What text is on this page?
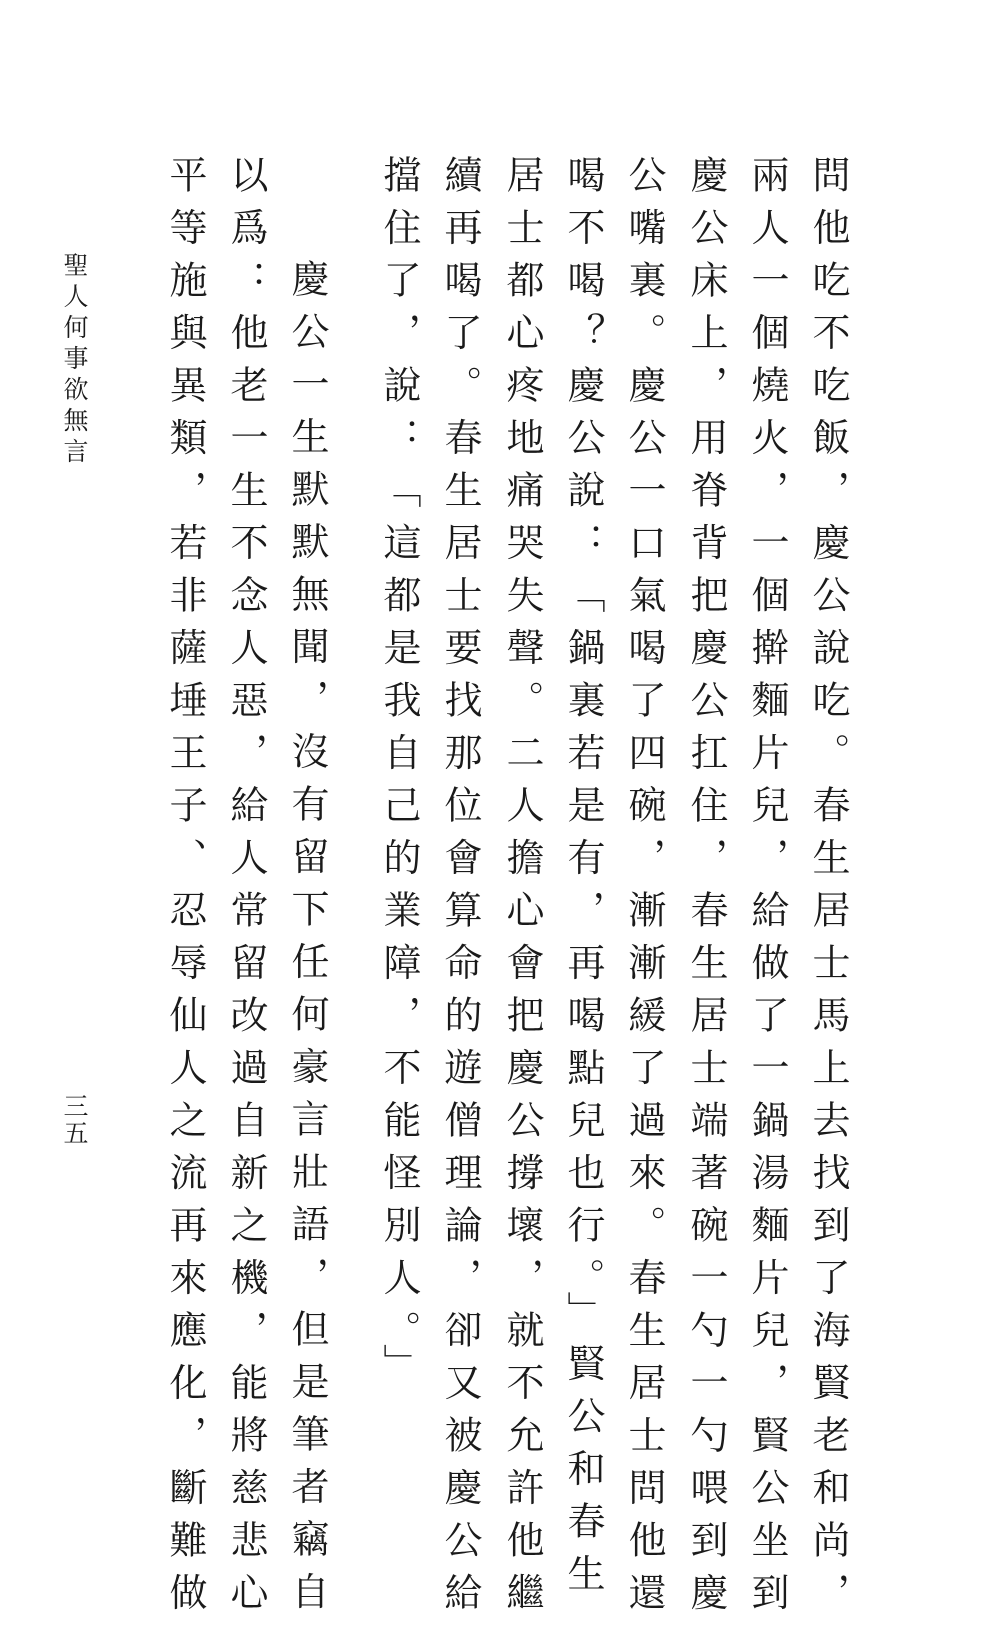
問他吃不吃飯，慶公說吃。春生居士馬上去找到了海賢老和尚，
兩人一個燒火，一個擀麵片兒，給做了一鍋湯麵片兒，賢公坐到
慶公床上，用脊背把慶公扛住，春生居士端著碗一勺一勺喂到慶
公嘴裏。慶公一口氣喝了四碗，漸漸緩了過來。春生居士問他還
喝不喝？慶公說：「鍋裏若是有，再喝點兒也行。」賢公和春生
居士都心疼地痛哭失聲。二人擔心會把慶公撐壞，就不允許他繼
續再喝了。春生居士要找那位會算命的遊僧理論，卻又被慶公給
擋住了，說：「這都是我自己的業障，不能怪別人。」
慶公一生默默無聞，沒有留下任何豪言壯語，但是筆者竊自
以爲：他老一生不念人惡，給人常留改過自新之機，能將慈悲心
平等施與異類，若非薩埵王子、忍辱仙人之流再來應化，斷難做
聖人何事欲無言
三五
